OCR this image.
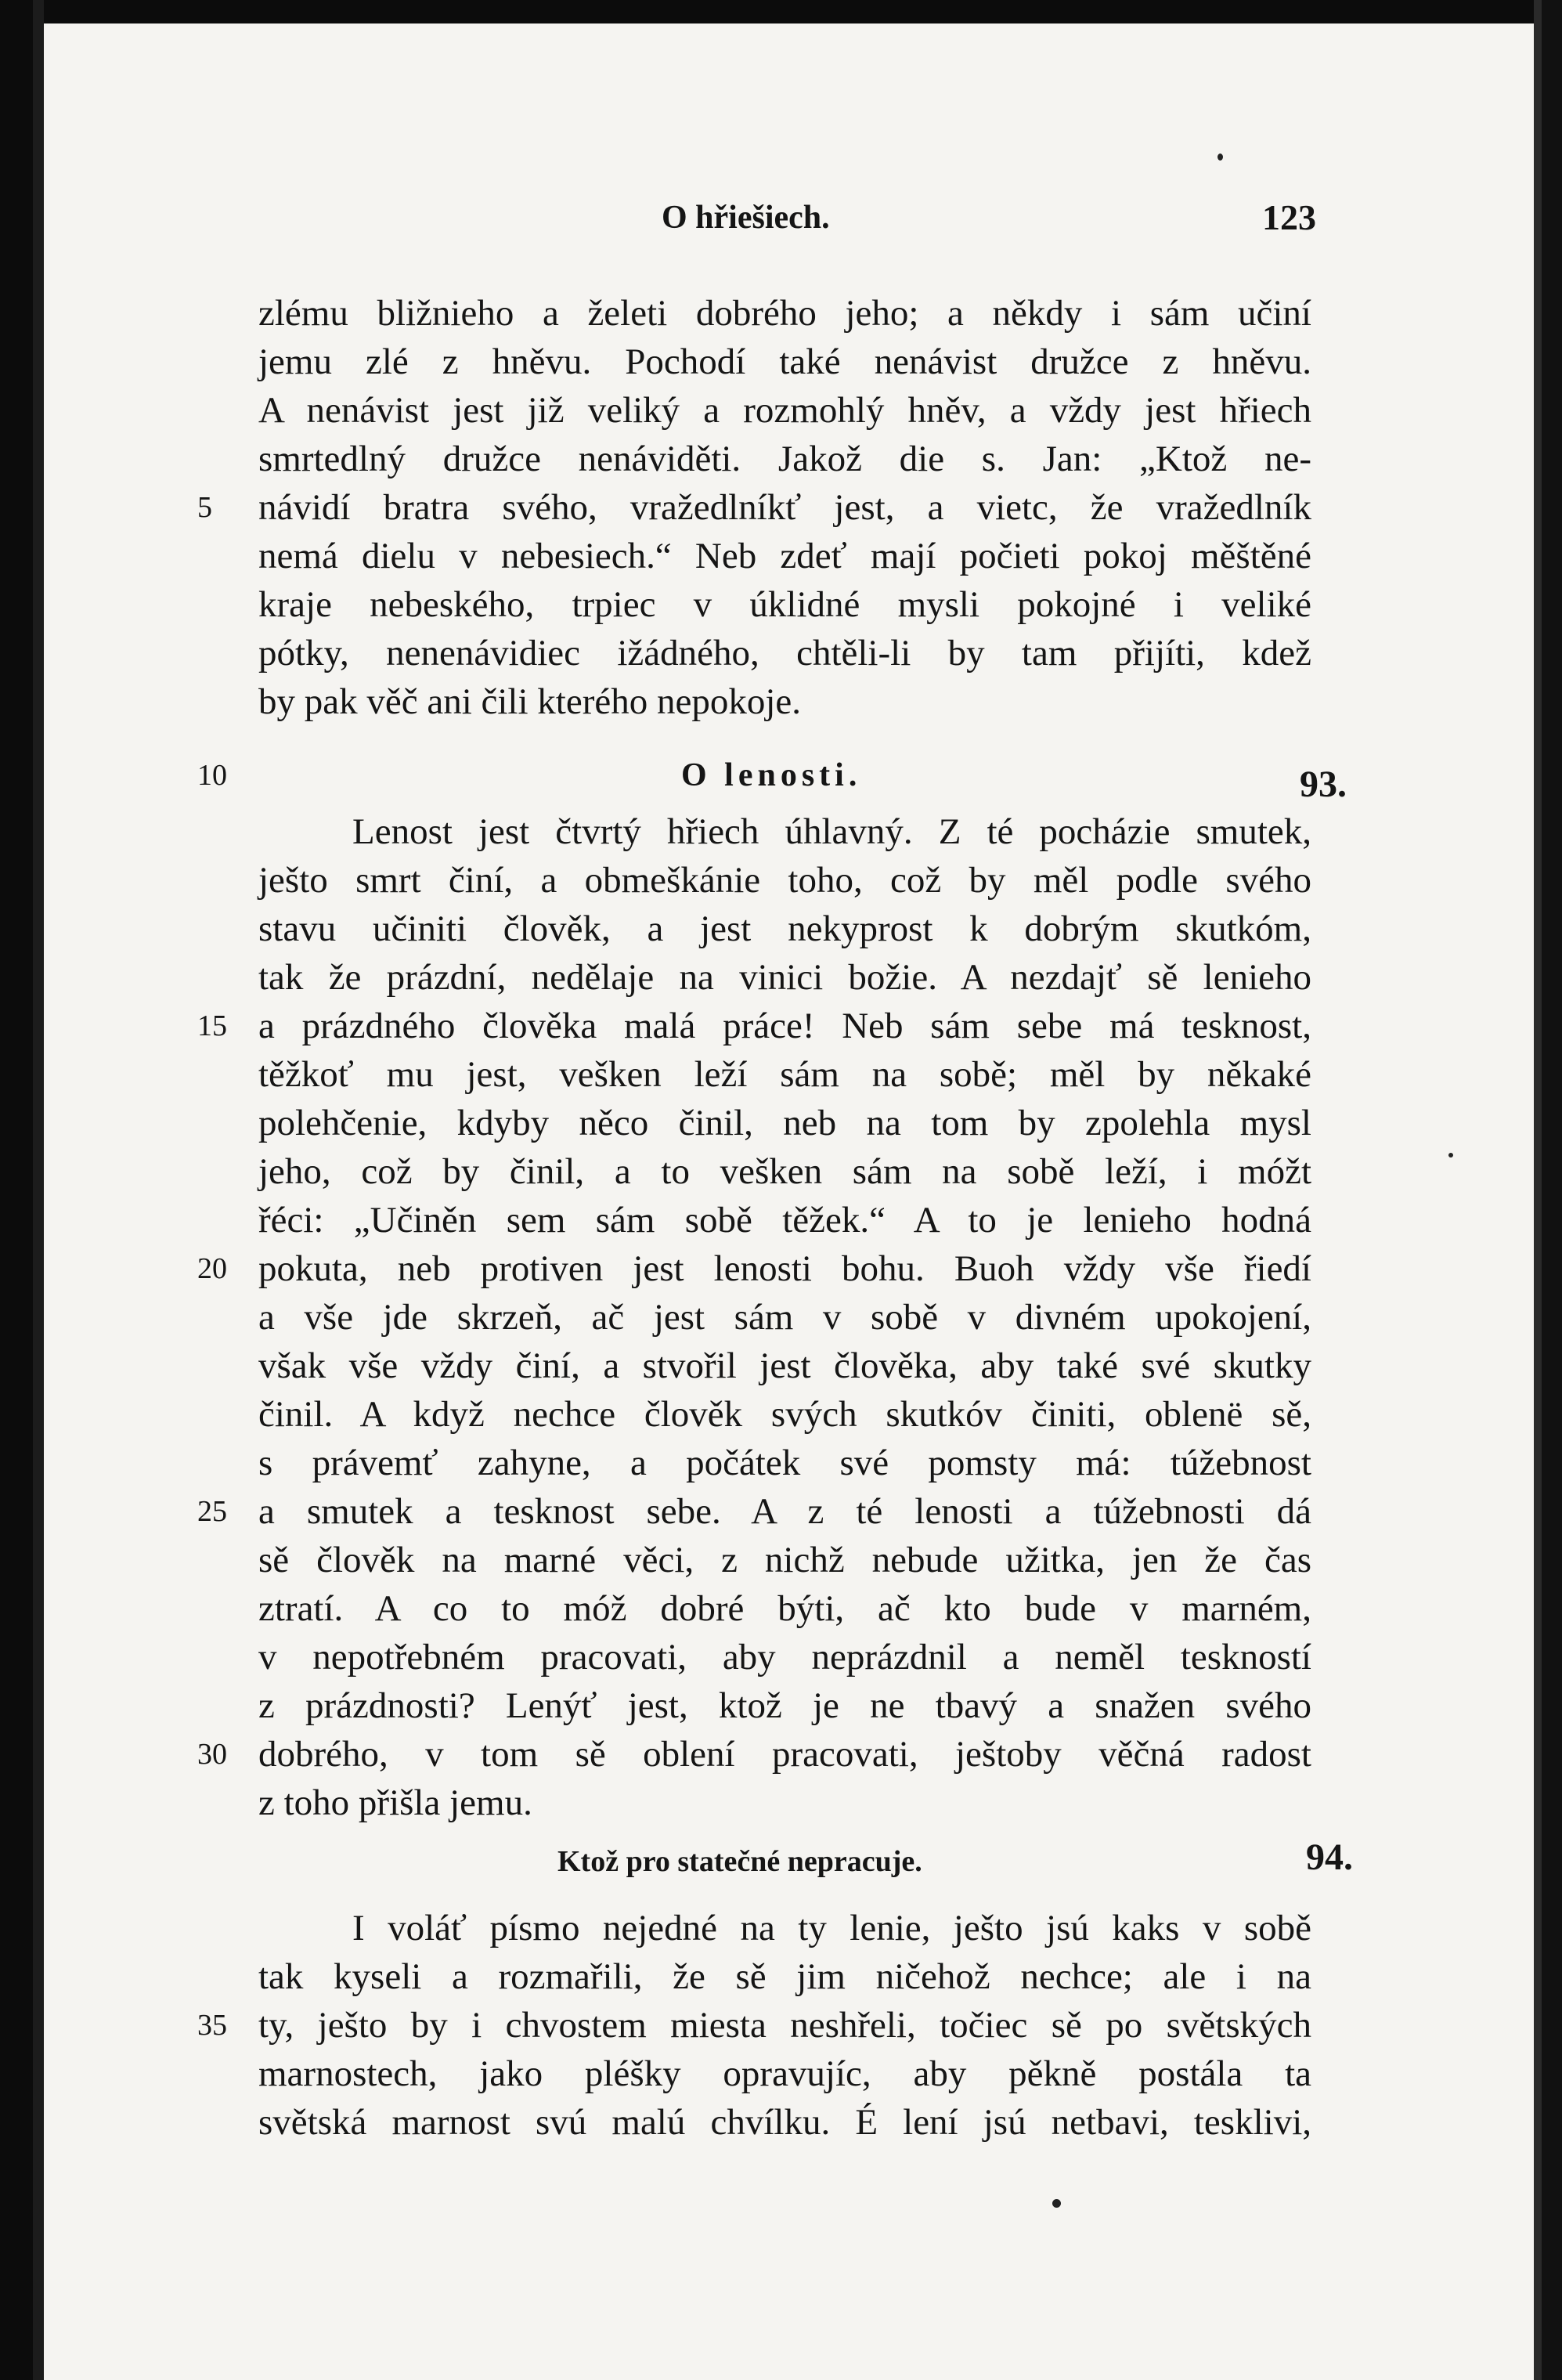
O hřiešiech.	123
O lenosti.	93.
Ktož pro statečné nepracuje.	94.
zlému bližnieho a želeti dobrého jeho; a někdy i sám učiní
jemu zlé z hněvu. Pochodí také nenávist družce z hněvu.
A nenávist jest již veliký a rozmohlý hněv, a vždy jest hřiech
smrtedlný družce nenáviděti. Jakož die s. Jan: „Ktož ne-
návidí bratra svého, vražedlníkť jest, a vietc, že vražedlník
nemá dielu v nebesiech.“ Neb zdeť mají počieti pokoj měštěné
kraje nebeského, trpiec v úklidné mysli pokojné i veliké
pótky, nenenávidiec ižádného, chtěli-li by tam přijíti, kdež
by pak věč ani čili kterého nepokoje.
Lenost jest čtvrtý hřiech úhlavný. Z té pocházie smutek,
ješto smrt činí, a obmeškánie toho, což by měl podle svého
stavu učiniti člověk, a jest nekyprost k dobrým skutkóm,
tak že prázdní, nedělaje na vinici božie. A nezdajť sě lenieho
a prázdného člověka malá práce! Neb sám sebe má tesknost,
těžkoť mu jest, vešken leží sám na sobě; měl by někaké
polehčenie, kdyby něco činil, neb na tom by zpolehla mysl
jeho, což by činil, a to vešken sám na sobě leží, i móžt
řéci: „Učiněn sem sám sobě těžek.“ A to je lenieho hodná
pokuta, neb protiven jest lenosti bohu. Buoh vždy vše řiedí
a vše jde skrzeň, ač jest sám v sobě v divném upokojení,
však vše vždy činí, a stvořil jest člověka, aby také své skutky
činil. A když nechce člověk svých skutkóv činiti, oblenë sě,
s právemť zahyne, a počátek své pomsty má: túžebnost
a smutek a tesknost sebe. A z té lenosti a túžebnosti dá
sě člověk na marné věci, z nichž nebude užitka, jen že čas
ztratí. A co to móž dobré býti, ač kto bude v marném,
v nepotřebném pracovati, aby neprázdnil a neměl teskností
z prázdnosti? Lenýť jest, ktož je ne tbavý a snažen svého
dobrého, v tom sě oblení pracovati, ještoby věčná radost
z toho přišla jemu.
I voláť písmo nejedné na ty lenie, ješto jsú kaks v sobě
tak kyseli a rozmařili, že sě jim ničehož nechce; ale i na
ty, ješto by i chvostem miesta neshřeli, točiec sě po světských
marnostech, jako pléšky opravujíc, aby pěkně postála ta
světská marnost svú malú chvílku. É lení jsú netbavi, tesklivi,
5
10
15
20
25
30
35
